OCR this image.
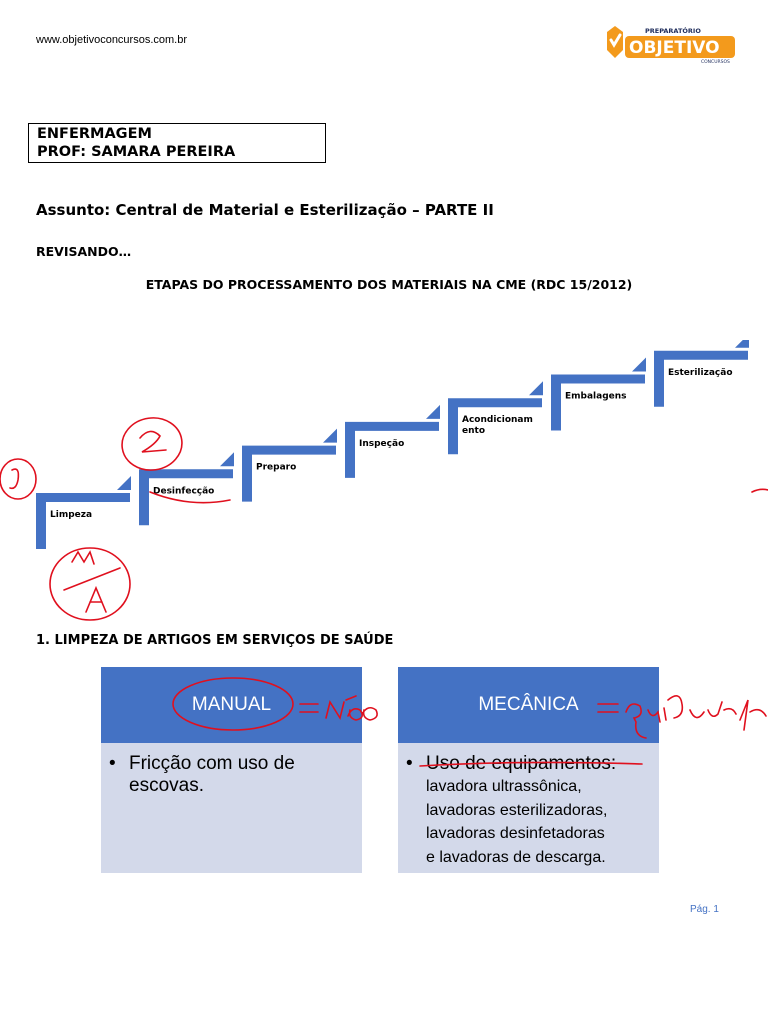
www.objetivoconcursos.com.br
PREPARATÓRIO
OBJETIVO
CONCURSOS
ENFERMAGEM
PROF: SAMARA PEREIRA
Assunto: Central de Material e Esterilização – PARTE II
REVISANDO…
ETAPAS DO PROCESSAMENTO DOS MATERIAIS NA CME (RDC 15/2012)
Limpeza
Desinfecção
Preparo
Inspeção
Acondicionam
ento
Embalagens
Esterilização
1. LIMPEZA DE ARTIGOS EM SERVIÇOS DE SAÚDE
MANUAL
• Fricção com uso de escovas.
MECÂNICA
• Uso de equipamentos:
lavadora ultrassônica,
lavadoras esterilizadoras,
lavadoras desinfetadoras
e lavadoras de descarga.
Pág. 1
